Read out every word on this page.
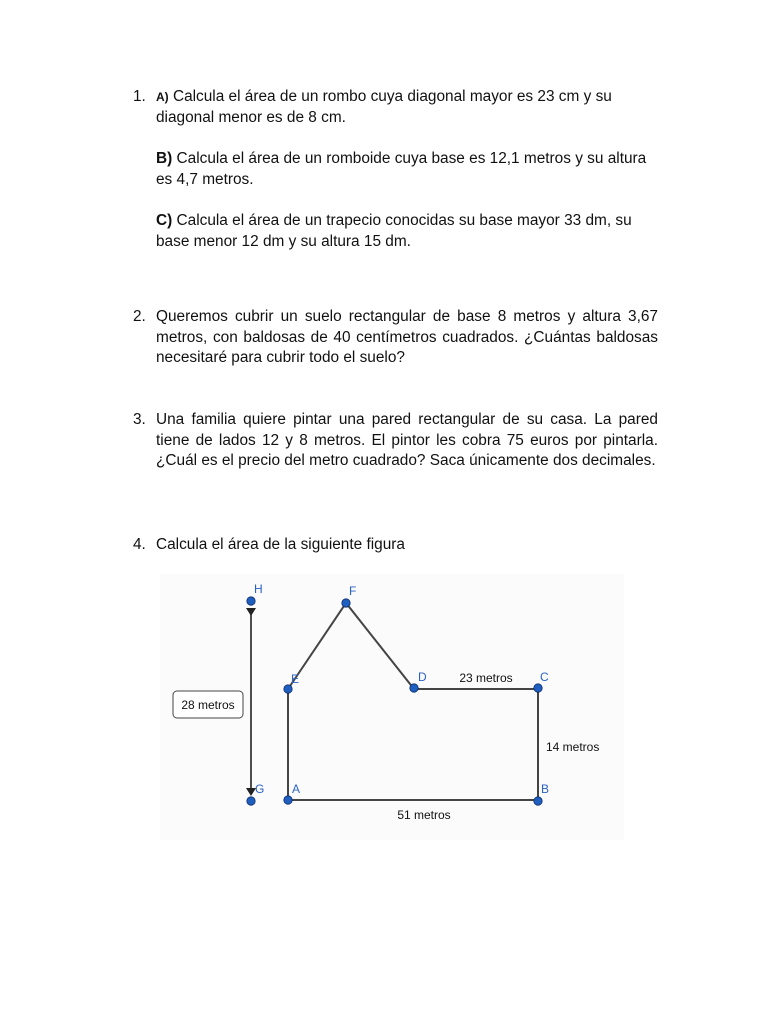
1. A) Calcula el área de un rombo cuya diagonal mayor es 23 cm y su diagonal menor es de 8 cm.

B) Calcula el área de un romboide cuya base es 12,1 metros y su altura es 4,7 metros.

C) Calcula el área de un trapecio conocidas su base mayor 33 dm, su base menor 12 dm y su altura 15 dm.

2. Queremos cubrir un suelo rectangular de base 8 metros y altura 3,67 metros, con baldosas de 40 centímetros cuadrados. ¿Cuántas baldosas necesitaré para cubrir todo el suelo?
3. Una familia quiere pintar una pared rectangular de su casa. La pared tiene de lados 12 y 8 metros. El pintor les cobra 75 euros por pintarla. ¿Cuál es el precio del metro cuadrado? Saca únicamente dos decimales.
4. Calcula el área de la siguiente figura
H	F
E	D	C
G A	B
28 metros
23 metros
14 metros
51 metros
